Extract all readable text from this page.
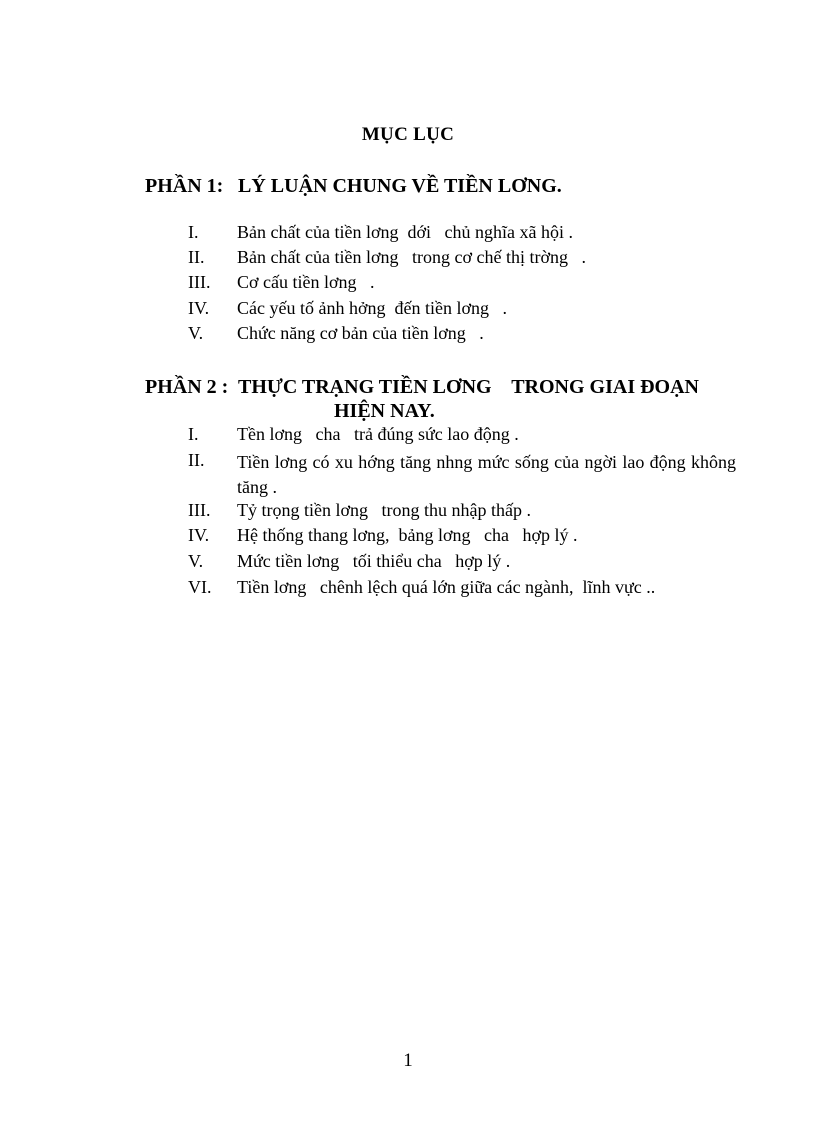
MỤC LỤC
PHẦN 1: LÝ LUẬN CHUNG VỀ TIỀN LƠNG.
I. Bản chất của tiền lơng  dới   chủ nghĩa xã hội .
II. Bản chất của tiền lơng   trong cơ chế thị trờng   .
III. Cơ cấu tiền lơng   .
IV. Các yếu tố ảnh hởng  đến tiền lơng   .
V. Chức năng cơ bản của tiền lơng   .
PHẦN 2 : THỰC TRẠNG TIỀN LƠNG    TRONG GIAI ĐOẠN
HIỆN NAY.
I. Tền lơng   cha   trả đúng sức lao động .
II. Tiền lơng có xu hớng tăng nhng mức sống của ngời lao động không tăng .
III. Tỷ trọng tiền lơng   trong thu nhập thấp .
IV. Hệ thống thang lơng,  bảng lơng   cha   hợp lý .
V. Mức tiền lơng   tối thiểu cha   hợp lý .
VI. Tiền lơng   chênh lệch quá lớn giữa các ngành,  lĩnh vực ..
1
